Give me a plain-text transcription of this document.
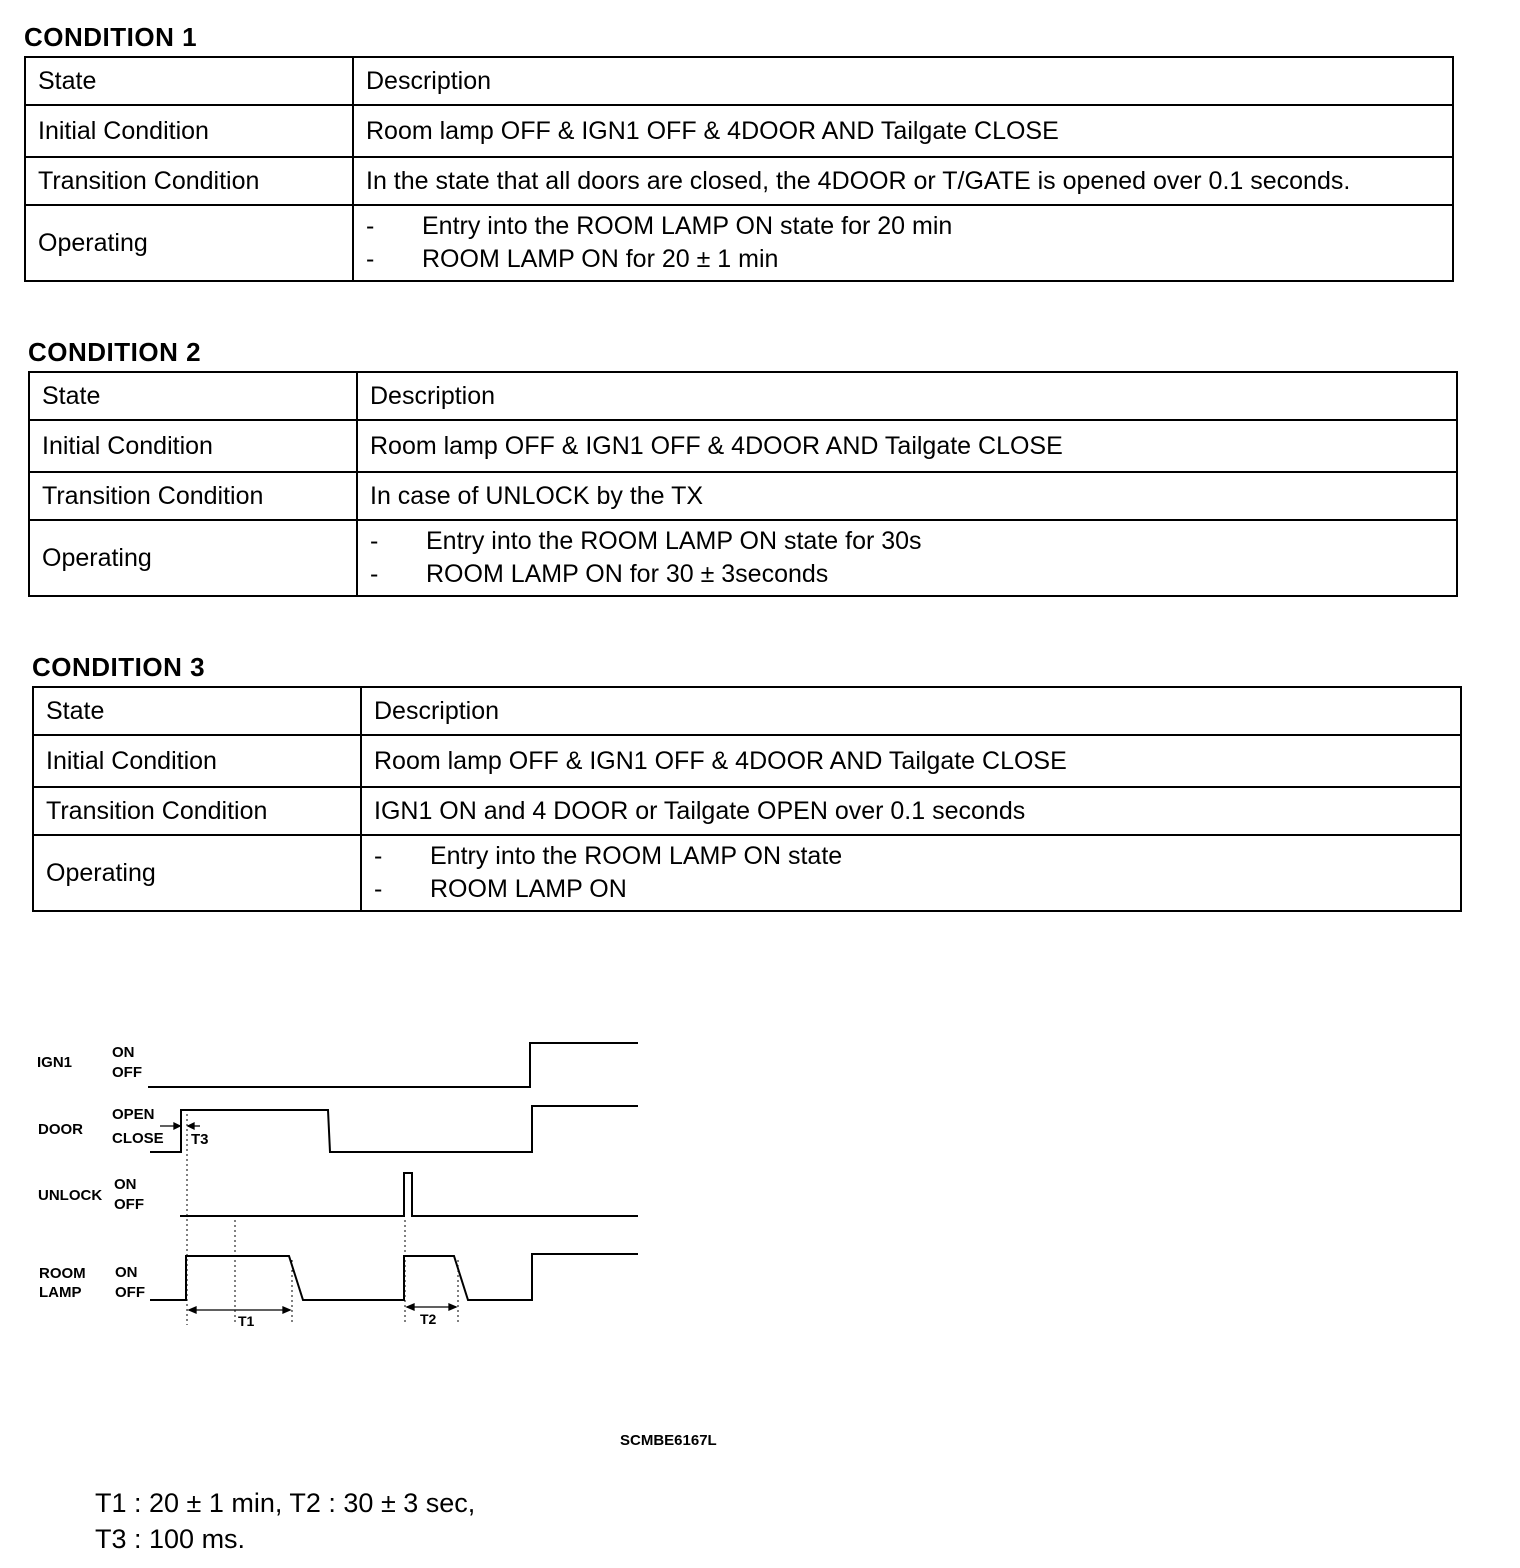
CONDITION 1
State	Description
Initial Condition	Room lamp OFF & IGN1 OFF & 4DOOR AND Tailgate CLOSE
Transition Condition	In the state that all doors are closed, the 4DOOR or T/GATE is opened over 0.1 seconds.
Operating	- Entry into the ROOM LAMP ON state for 20 min
- ROOM LAMP ON for 20 ± 1 min
CONDITION 2
State	Description
Initial Condition	Room lamp OFF & IGN1 OFF & 4DOOR AND Tailgate CLOSE
Transition Condition	In case of UNLOCK by the TX
Operating	- Entry into the ROOM LAMP ON state for 30s
- ROOM LAMP ON for 30 ± 3seconds
CONDITION 3
State	Description
Initial Condition	Room lamp OFF & IGN1 OFF & 4DOOR AND Tailgate CLOSE
Transition Condition	IGN1 ON and 4 DOOR or Tailgate OPEN over 0.1 seconds
Operating	- Entry into the ROOM LAMP ON state
- ROOM LAMP ON
IGN1
ON
OFF
DOOR
OPEN
CLOSE
UNLOCK
ON
OFF
ROOM
LAMP
ON
OFF
T3
T1	T2
SCMBE6167L
T1 : 20 ± 1 min, T2 : 30 ± 3 sec,
T3 : 100 ms.
